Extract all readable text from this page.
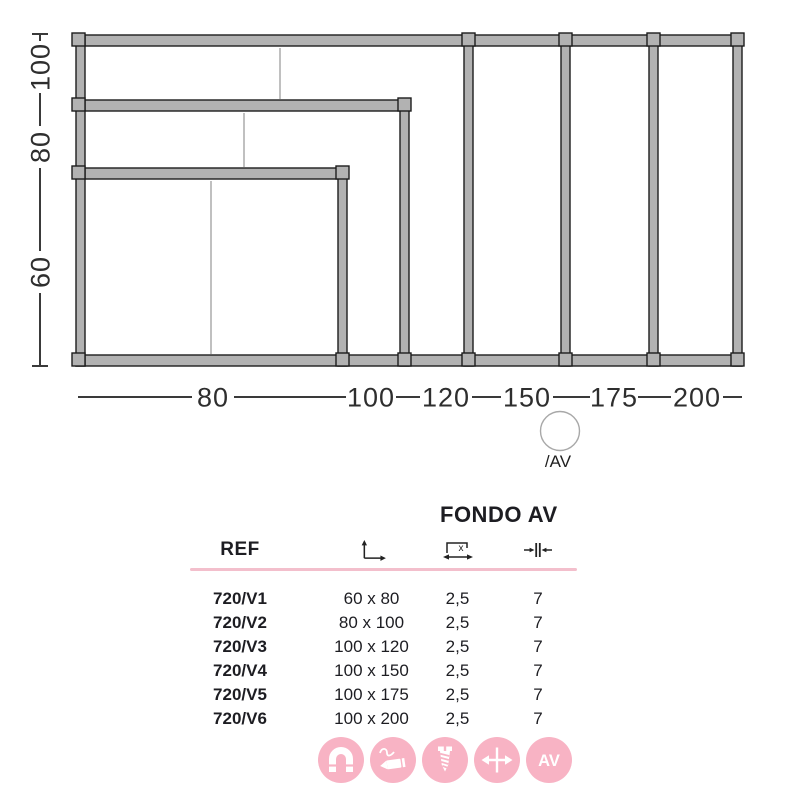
100
80
60
80	100 120 150 175 200
/AV
FONDO AV
REF	x
720/V1	60 x 80	2,5	7
720/V2	80 x 100	2,5	7
720/V3	100 x 120	2,5	7
720/V4	100 x 150	2,5	7
720/V5	100 x 175	2,5	7
720/V6	100 x 200	2,5	7
AV
